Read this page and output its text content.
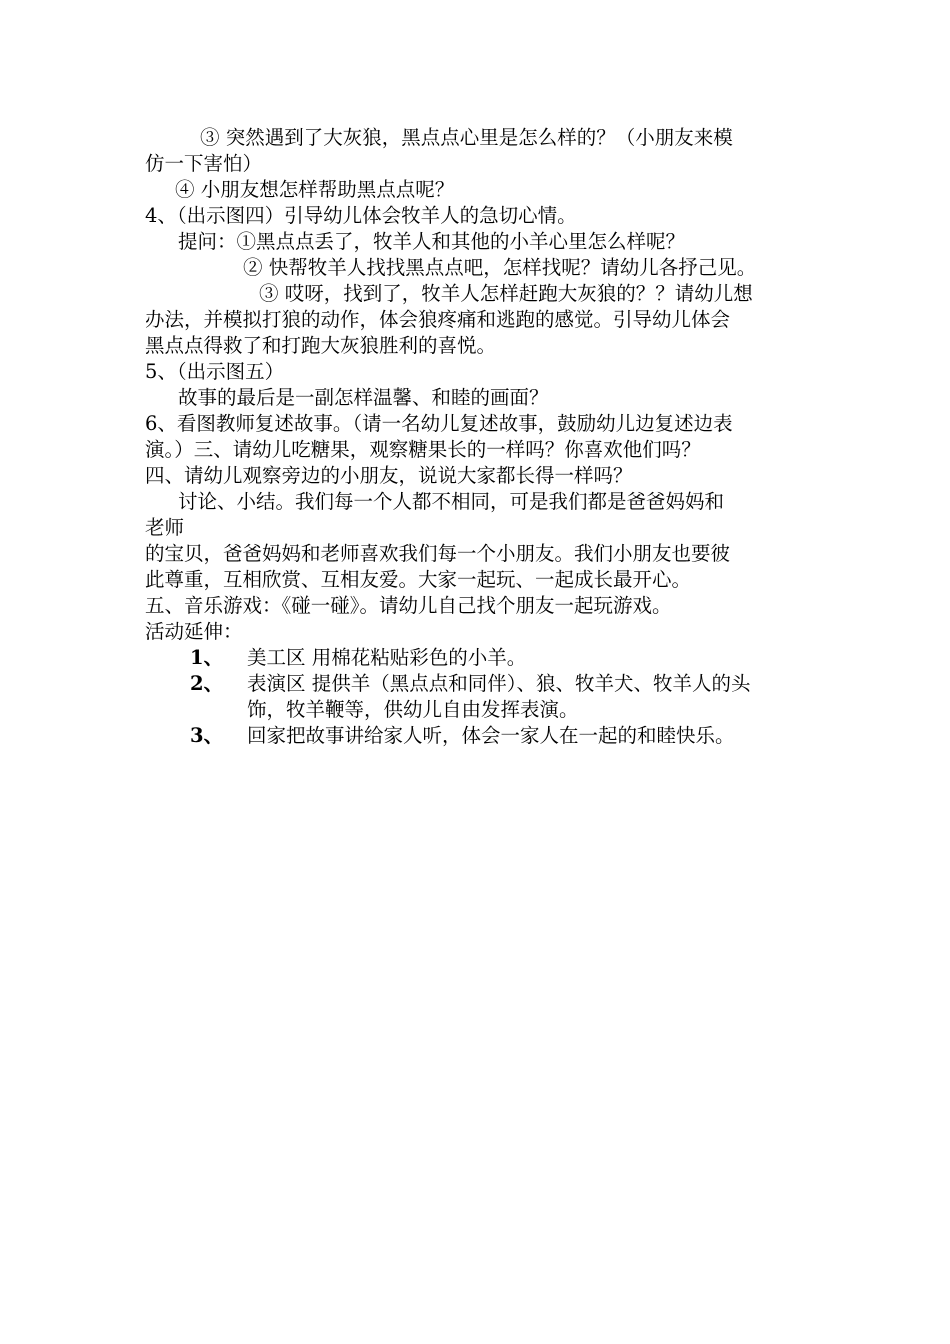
③ 突然遇到了大灰狼，黑点点心里是怎么样的？（小朋友来模

仿一下害怕）

④ 小朋友想怎样帮助黑点点呢？

4、（出示图四）引导幼儿体会牧羊人的急切心情。

提问：①黑点点丢了，牧羊人和其他的小羊心里怎么样呢？

② 快帮牧羊人找找黑点点吧，怎样找呢？请幼儿各抒己见。

③ 哎呀，找到了，牧羊人怎样赶跑大灰狼的？？请幼儿想

办法，并模拟打狼的动作，体会狼疼痛和逃跑的感觉。引导幼儿体会

黑点点得救了和打跑大灰狼胜利的喜悦。

5、（出示图五）

故事的最后是一副怎样温馨、和睦的画面？

6、看图教师复述故事。（请一名幼儿复述故事，鼓励幼儿边复述边表

演。）三、请幼儿吃糖果，观察糖果长的一样吗？你喜欢他们吗？

四、请幼儿观察旁边的小朋友，说说大家都长得一样吗？

讨论、小结。我们每一个人都不相同，可是我们都是爸爸妈妈和

老师

的宝贝，爸爸妈妈和老师喜欢我们每一个小朋友。我们小朋友也要彼

此尊重，互相欣赏、互相友爱。大家一起玩、一起成长最开心。

五、音乐游戏：《碰一碰》。请幼儿自己找个朋友一起玩游戏。

活动延伸：

1、 美工区 用棉花粘贴彩色的小羊。

2、 表演区 提供羊（黑点点和同伴）、狼、牧羊犬、牧羊人的头

饰，牧羊鞭等，供幼儿自由发挥表演。

3、 回家把故事讲给家人听，体会一家人在一起的和睦快乐。
